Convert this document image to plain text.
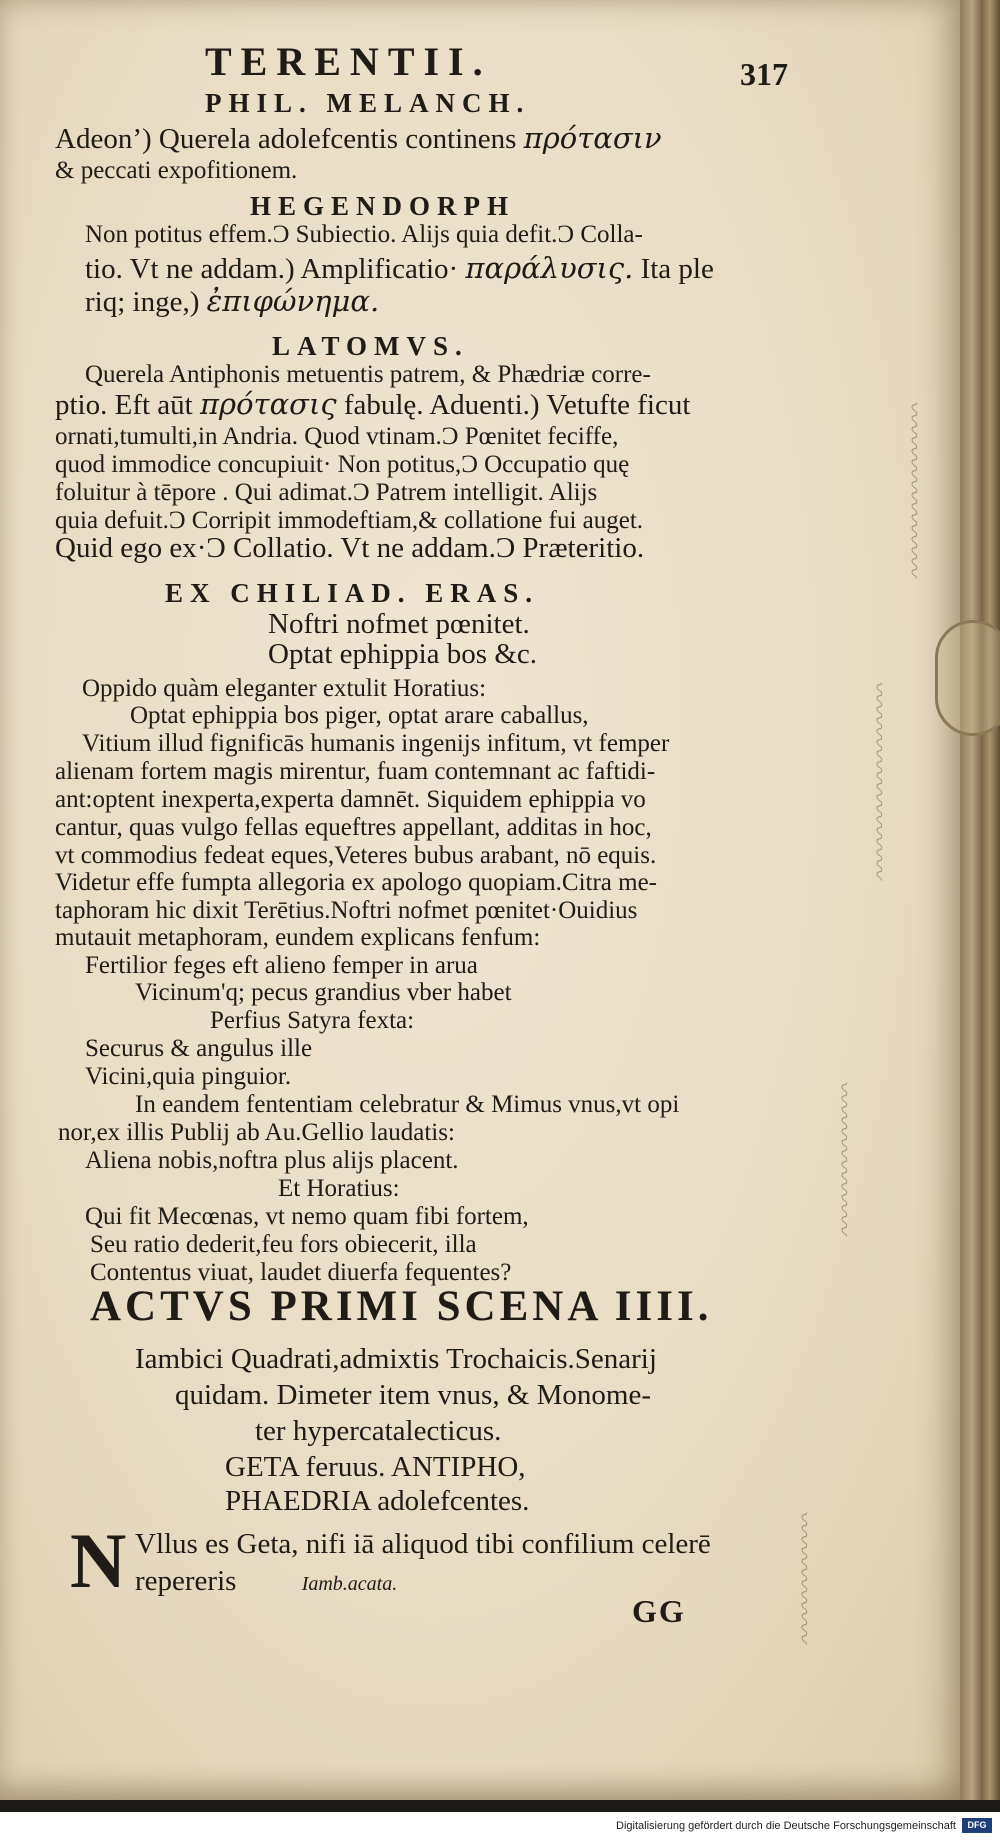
TERENTII.	317
PHIL. MELANCH.
Adeon’) Querela adolefcentis continens πρότασιν
& peccati expofitionem.
HEGENDORPH
Non potitus effem.Ɔ Subiectio. Alijs quia defit.Ɔ Colla-
tio. Vt ne addam.) Amplificatio· παράλυσις. Ita ple
riq; inge,) ἐπιφώνημα.
LATOMVS.
Querela Antiphonis metuentis patrem, & Phædriæ corre-
ptio. Eft aūt πρότασις fabulę. Aduenti.) Vetufte ficut
ornati,tumulti,in Andria. Quod vtinam.Ɔ Pœnitet feciffe,
quod immodice concupiuit· Non potitus,Ɔ Occupatio quę
foluitur à tēpore . Qui adimat.Ɔ Patrem intelligit. Alijs
quia defuit.Ɔ Corripit immodeftiam,& collatione fui auget.
Quid ego ex·Ɔ Collatio. Vt ne addam.Ɔ Præteritio.
EX CHILIAD. ERAS.
Noftri nofmet pœnitet.
Optat ephippia bos &c.
Oppido quàm eleganter extulit Horatius:
Optat ephippia bos piger, optat arare caballus,
Vitium illud fignificās humanis ingenijs infitum, vt femper
alienam fortem magis mirentur, fuam contemnant ac faftidi-
ant:optent inexperta,experta damnēt. Siquidem ephippia vo
cantur, quas vulgo fellas equeftres appellant, additas in hoc,
vt commodius fedeat eques,Veteres bubus arabant, nō equis.
Videtur effe fumpta allegoria ex apologo quopiam.Citra me-
taphoram hic dixit Terētius.Noftri nofmet pœnitet·Ouidius
mutauit metaphoram, eundem explicans fenfum:
Fertilior feges eft alieno femper in arua
Vicinum'q; pecus grandius vber habet
Perfius Satyra fexta:
Securus & angulus ille
Vicini,quia pinguior.
In eandem fententiam celebratur & Mimus vnus,vt opi
nor,ex illis Publij ab Au.Gellio laudatis:
Aliena nobis,noftra plus alijs placent.
Et Horatius:
Qui fit Mecœnas, vt nemo quam fibi fortem,
Seu ratio dederit,feu fors obiecerit, illa
Contentus viuat, laudet diuerfa fequentes?
ACTVS PRIMI SCENA IIII.
Iambici Quadrati,admixtis Trochaicis.Senarij
quidam. Dimeter item vnus, & Monome-
ter hypercatalecticus.
GETA feruus. ANTIPHO,
PHAEDRIA adolefcentes.
N Vllus es Geta, nifi iā aliquod tibi confilium celerē
repereris	Iamb.acata.
GG
〰〰〰〰〰〰〰〰
〰〰〰〰〰〰〰〰〰
〰〰〰〰〰〰〰
〰〰〰〰〰〰
Digitalisierung gefördert durch die Deutsche Forschungsgemeinschaft	DFG
